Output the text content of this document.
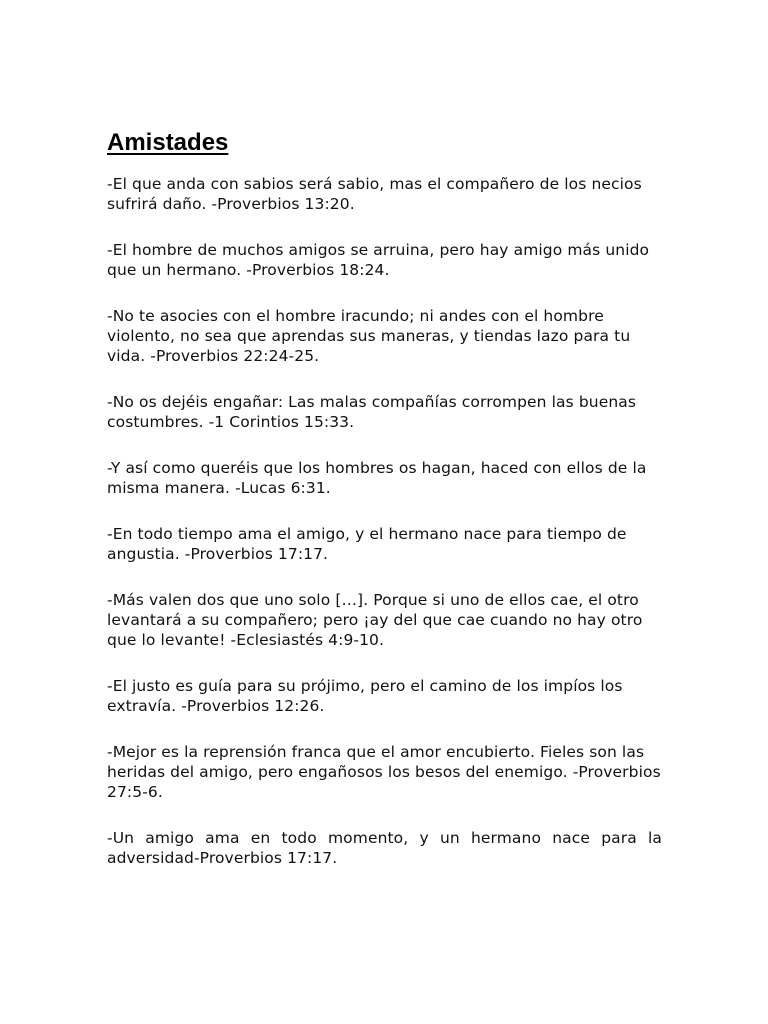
Amistades

-El que anda con sabios será sabio, mas el compañero de los necios sufrirá daño. -Proverbios 13:20.

-El hombre de muchos amigos se arruina, pero hay amigo más unido que un hermano. -Proverbios 18:24.

-No te asocies con el hombre iracundo; ni andes con el hombre violento, no sea que aprendas sus maneras, y tiendas lazo para tu vida. -Proverbios 22:24-25.

-No os dejéis engañar: Las malas compañías corrompen las buenas costumbres. -1 Corintios 15:33.

-Y así como queréis que los hombres os hagan, haced con ellos de la misma manera. -Lucas 6:31.

-En todo tiempo ama el amigo, y el hermano nace para tiempo de angustia. -Proverbios 17:17.

-Más valen dos que uno solo […]. Porque si uno de ellos cae, el otro levantará a su compañero; pero ¡ay del que cae cuando no hay otro que lo levante! -Eclesiastés 4:9-10.

-El justo es guía para su prójimo, pero el camino de los impíos los extravía. -Proverbios 12:26.

-Mejor es la reprensión franca que el amor encubierto. Fieles son las heridas del amigo, pero engañosos los besos del enemigo. -Proverbios 27:5-6.

-Un amigo ama en todo momento, y un hermano nace para la adversidad-Proverbios 17:17.
